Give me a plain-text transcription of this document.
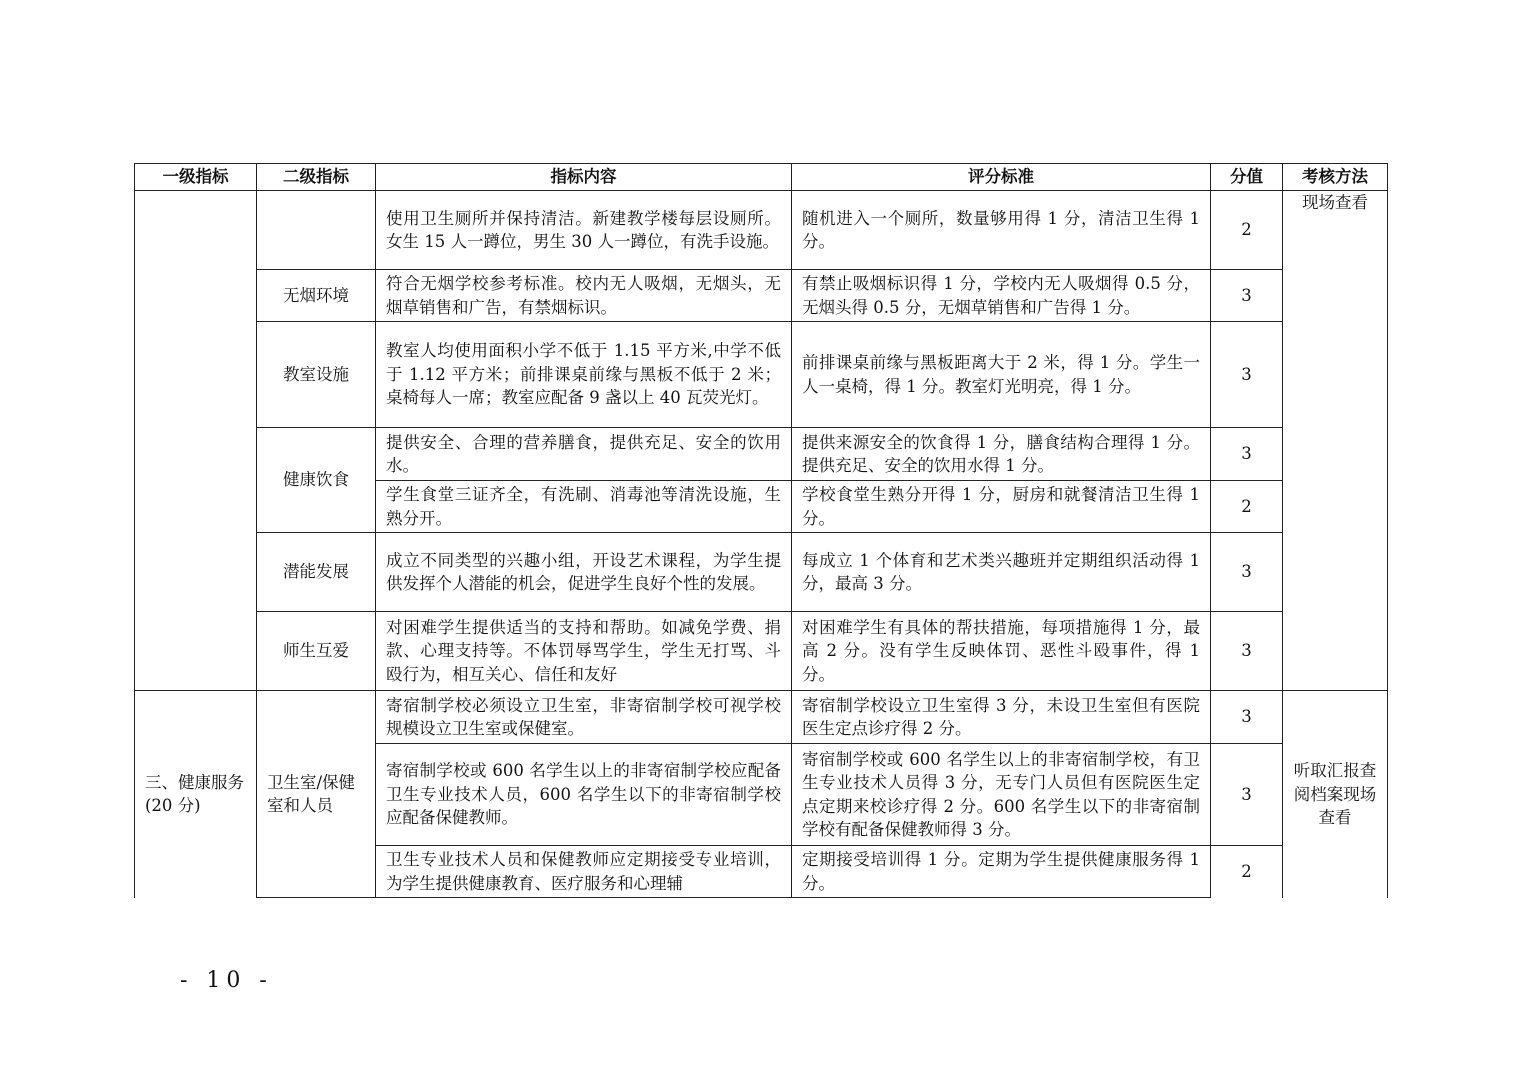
一级指标	二级指标	指标内容	评分标准	分值	考核方法
		使用卫生厕所并保持清洁。新建教学楼每层设厕所。女生 15 人一蹲位，男生 30 人一蹲位，有洗手设施。	随机进入一个厕所，数量够用得 1 分，清洁卫生得 1 分。	2	现场查看
	无烟环境	符合无烟学校参考标准。校内无人吸烟，无烟头，无烟草销售和广告，有禁烟标识。	有禁止吸烟标识得 1 分，学校内无人吸烟得 0.5 分，无烟头得 0.5 分，无烟草销售和广告得 1 分。	3	
	教室设施	教室人均使用面积小学不低于 1.15 平方米,中学不低于 1.12 平方米；前排课桌前缘与黑板不低于 2 米；桌椅每人一席；教室应配备 9 盏以上 40 瓦荧光灯。	前排课桌前缘与黑板距离大于 2 米，得 1 分。学生一人一桌椅，得 1 分。教室灯光明亮，得 1 分。	3	
	健康饮食	提供安全、合理的营养膳食，提供充足、安全的饮用水。	提供来源安全的饮食得 1 分，膳食结构合理得 1 分。提供充足、安全的饮用水得 1 分。	3	
		学生食堂三证齐全，有洗刷、消毒池等清洗设施，生熟分开。	学校食堂生熟分开得 1 分，厨房和就餐清洁卫生得 1 分。	2	
	潜能发展	成立不同类型的兴趣小组，开设艺术课程，为学生提供发挥个人潜能的机会，促进学生良好个性的发展。	每成立 1 个体育和艺术类兴趣班并定期组织活动得 1 分，最高 3 分。	3	
	师生互爱	对困难学生提供适当的支持和帮助。如减免学费、捐款、心理支持等。不体罚辱骂学生，学生无打骂、斗殴行为，相互关心、信任和友好	对困难学生有具体的帮扶措施，每项措施得 1 分，最高 2 分。没有学生反映体罚、恶性斗殴事件，得 1 分。	3	
三、健康服务(20 分)	卫生室/保健室和人员	寄宿制学校必须设立卫生室，非寄宿制学校可视学校规模设立卫生室或保健室。	寄宿制学校设立卫生室得 3 分，未设卫生室但有医院医生定点诊疗得 2 分。	3	听取汇报查阅档案现场查看
		寄宿制学校或 600 名学生以上的非寄宿制学校应配备卫生专业技术人员，600 名学生以下的非寄宿制学校应配备保健教师。	寄宿制学校或 600 名学生以上的非寄宿制学校，有卫生专业技术人员得 3 分，无专门人员但有医院医生定点定期来校诊疗得 2 分。600 名学生以下的非寄宿制学校有配备保健教师得 3 分。	3	
		卫生专业技术人员和保健教师应定期接受专业培训，为学生提供健康教育、医疗服务和心理辅	定期接受培训得 1 分。定期为学生提供健康服务得 1 分。	2	
- 10 -
